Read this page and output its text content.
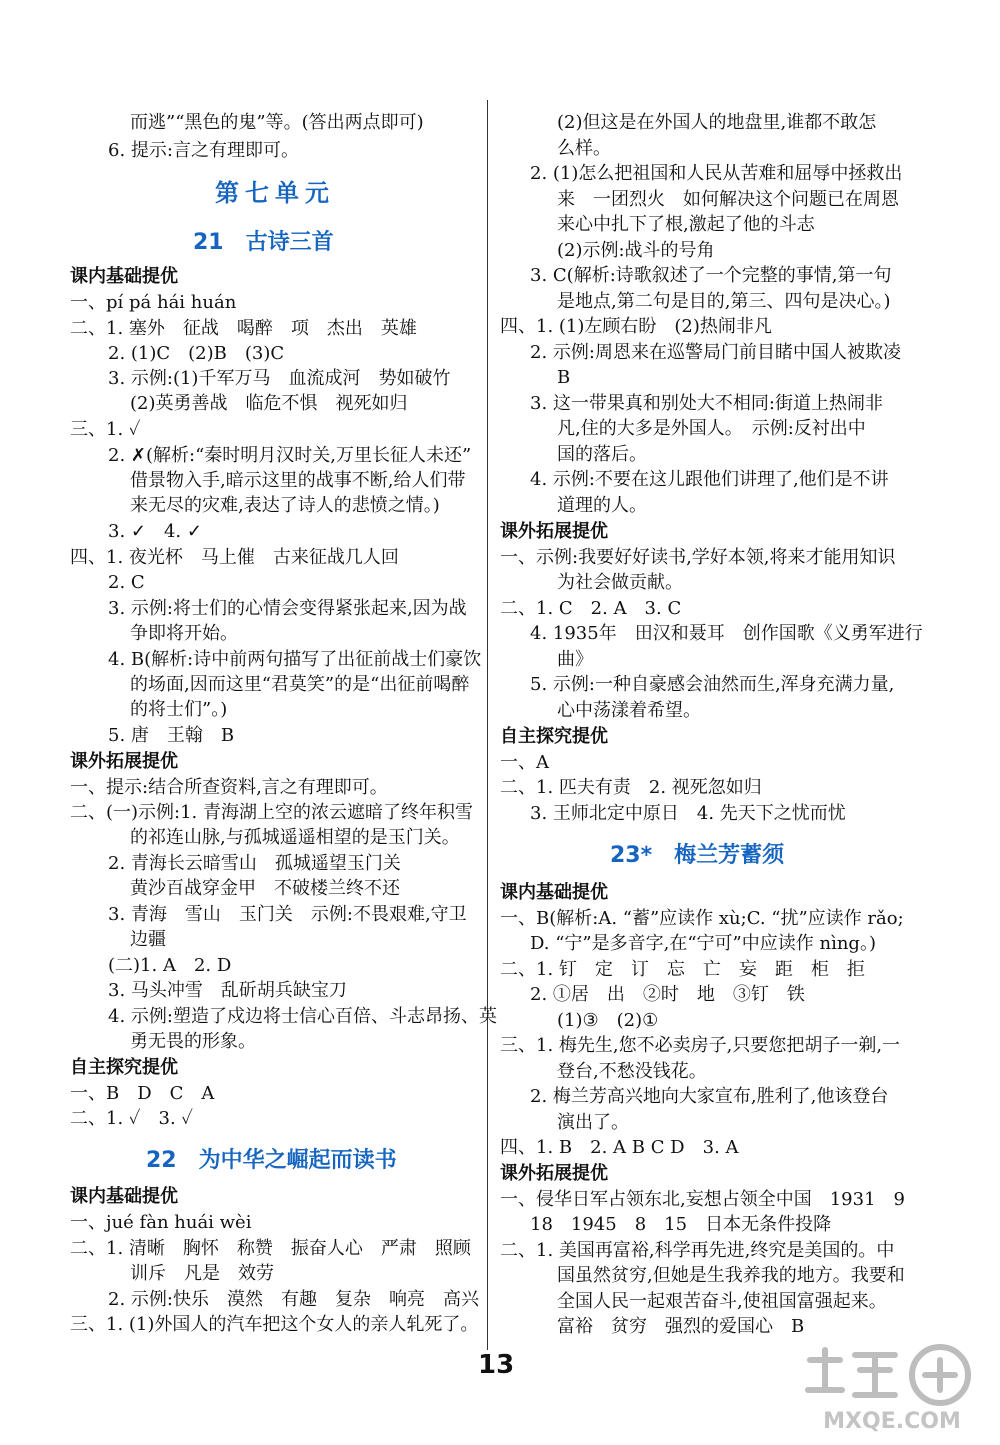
而逃”“黑色的鬼”等。(答出两点即可)
6. 提示:言之有理即可。
第七单元
21　古诗三首
课内基础提优
一、pí pá hái huán
二、1. 塞外　征战　喝醉　项　杰出　英雄
2. (1)C　(2)B　(3)C
3. 示例:(1)千军万马　血流成河　势如破竹
(2)英勇善战　临危不惧　视死如归
三、1. ✓
2. ✗(解析:“秦时明月汉时关,万里长征人未还”
借景物入手,暗示这里的战事不断,给人们带
来无尽的灾难,表达了诗人的悲愤之情。)
3. ✓　4. ✓
四、1. 夜光杯　马上催　古来征战几人回
2. C
3. 示例:将士们的心情会变得紧张起来,因为战
争即将开始。
4. B(解析:诗中前两句描写了出征前战士们豪饮
的场面,因而这里“君莫笑”的是“出征前喝醉
的将士们”。)
5. 唐　王翰　B
课外拓展提优
一、提示:结合所查资料,言之有理即可。
二、(一)示例:1. 青海湖上空的浓云遮暗了终年积雪
的祁连山脉,与孤城遥遥相望的是玉门关。
2. 青海长云暗雪山　孤城遥望玉门关
黄沙百战穿金甲　不破楼兰终不还
3. 青海　雪山　玉门关　示例:不畏艰难,守卫
边疆
(二)1. A　2. D
3. 马头冲雪　乱斫胡兵缺宝刀
4. 示例:塑造了戍边将士信心百倍、斗志昂扬、英
勇无畏的形象。
自主探究提优
一、B　D　C　A
二、1. ✓　3. ✓
22　为中华之崛起而读书
课内基础提优
一、jué fàn huái wèi
二、1. 清晰　胸怀　称赞　振奋人心　严肃　照顾
训斥　凡是　效劳
2. 示例:快乐　漠然　有趣　复杂　响亮　高兴
三、1. (1)外国人的汽车把这个女人的亲人轧死了。
(2)但这是在外国人的地盘里,谁都不敢怎
么样。
2. (1)怎么把祖国和人民从苦难和屈辱中拯救出
来　一团烈火　如何解决这个问题已在周恩
来心中扎下了根,激起了他的斗志
(2)示例:战斗的号角
3. C(解析:诗歌叙述了一个完整的事情,第一句
是地点,第二句是目的,第三、四句是决心。)
四、1. (1)左顾右盼　(2)热闹非凡
2. 示例:周恩来在巡警局门前目睹中国人被欺凌
B
3. 这一带果真和别处大不相同:街道上热闹非
凡,住的大多是外国人。　示例:反衬出中
国的落后。
4. 示例:不要在这儿跟他们讲理了,他们是不讲
道理的人。
课外拓展提优
一、示例:我要好好读书,学好本领,将来才能用知识
为社会做贡献。
二、1. C　2. A　3. C
4. 1935年　田汉和聂耳　创作国歌《义勇军进行
曲》
5. 示例:一种自豪感会油然而生,浑身充满力量,
心中荡漾着希望。
自主探究提优
一、A
二、1. 匹夫有责　2. 视死忽如归
3. 王师北定中原日　4. 先天下之忧而忧
23*　梅兰芳蓄须
课内基础提优
一、B(解析:A. “蓄”应读作 xù;C. “扰”应读作 rǎo;
D. “宁”是多音字,在“宁可”中应读作 nìng。)
二、1. 钉　定　订　忘　亡　妄　距　柜　拒
2. ①居　出　②时　地　③钉　铁
(1)③　(2)①
三、1. 梅先生,您不必卖房子,只要您把胡子一剃,一
登台,不愁没钱花。
2. 梅兰芳高兴地向大家宣布,胜利了,他该登台
演出了。
四、1. B　2. A B C D　3. A
课外拓展提优
一、侵华日军占领东北,妄想占领全中国　1931　9
18　1945　8　15　日本无条件投降
二、1. 美国再富裕,科学再先进,终究是美国的。中
国虽然贫穷,但她是生我养我的地方。我要和
全国人民一起艰苦奋斗,使祖国富强起来。
富裕　贫穷　强烈的爱国心　B
13
MXQE.COM
